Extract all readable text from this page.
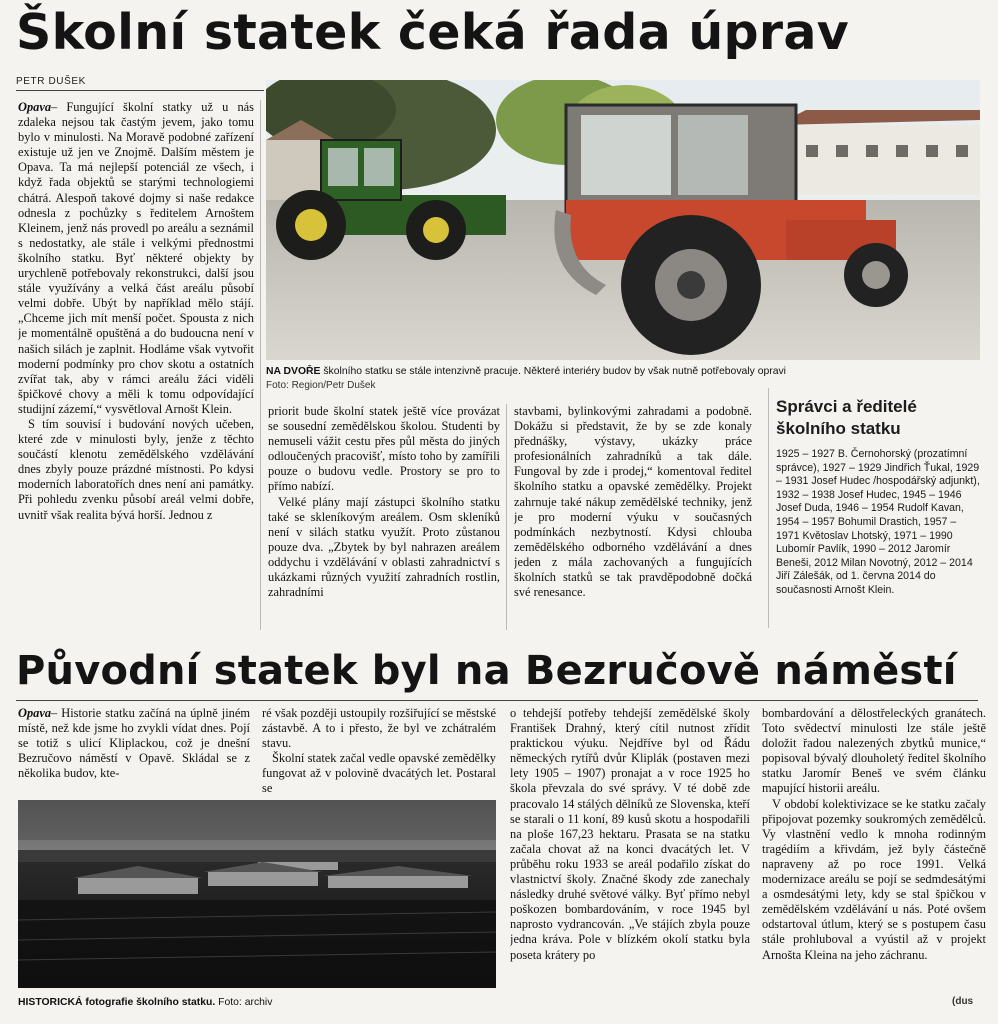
Školní statek čeká řada úprav
PETR DUŠEK
NA DVOŘE školního statku se stále intenzivně pracuje. Některé interiéry budov by však nutně potřebovaly opravi
Foto: Region/Petr Dušek

Opava– Fungující školní statky už u nás zdaleka nejsou tak častým jevem, jako tomu bylo v minulosti. Na Moravě podobné zařízení existuje už jen ve Znojmě. Dalším městem je Opava. Ta má nejlepší potenciál ze všech, i když řada objektů se starými technologiemi chátrá. Alespoň takové dojmy si naše redakce odnesla z pochůzky s ředitelem Arnoštem Kleinem, jenž nás provedl po areálu a seznámil s nedostatky, ale stále i velkými přednostmi školního statku. Byť některé objekty by urychleně potřebovaly rekonstrukci, další jsou stále využívány a velká část areálu působí velmi dobře. Ubýt by například mělo stájí. „Chceme jich mít menší počet. Spousta z nich je momentálně opuštěná a do budoucna není v našich silách je zaplnit. Hodláme však vytvořit moderní podmínky pro chov skotu a ostatních zvířat tak, aby v rámci areálu žáci viděli špičkové chovy a měli k tomu odpovídající studijní zázemí,“ vysvětloval Arnošt Klein.

S tím souvisí i budování nových učeben, které zde v minulosti byly, jenže z těchto součástí klenotu zemědělského vzdělávání dnes zbyly pouze prázdné místnosti. Po kdysi moderních laboratořích dnes není ani památky. Při pohledu zvenku působí areál velmi dobře, uvnitř však realita bývá horší. Jednou z

priorit bude školní statek ještě více provázat se sousední zemědělskou školou. Studenti by nemuseli vážit cestu přes půl města do jiných odloučených pracovišť, místo toho by zamířili pouze o budovu vedle. Prostory se pro to přímo nabízí.

Velké plány mají zástupci školního statku také se skleníkovým areálem. Osm skleníků není v silách statku využít. Proto zůstanou pouze dva. „Zbytek by byl nahrazen areálem oddychu i vzdělávání v oblasti zahradnictví s ukázkami různých využití zahradních rostlin, zahradními

stavbami, bylinkovými zahradami a podobně. Dokážu si představit, že by se zde konaly přednášky, výstavy, ukázky práce profesionálních zahradníků a tak dále. Fungoval by zde i prodej,“ komentoval ředitel školního statku a opavské zemědělky. Projekt zahrnuje také nákup zemědělské techniky, jenž je pro moderní výuku v současných podmínkách nezbytností. Kdysi chlouba zemědělského odborného vzdělávání a dnes jeden z mála zachovaných a fungujících školních statků se tak pravděpodobně dočká své renesance.

Správci a ředitelé školního statku
1925 – 1927 B. Černohorský (prozatímní správce), 1927 – 1929 Jindřich Ťukal, 1929 – 1931 Josef Hudec /hospodářský adjunkt), 1932 – 1938 Josef Hudec, 1945 – 1946 Josef Duda, 1946 – 1954 Rudolf Kavan, 1954 – 1957 Bohumil Drastich, 1957 – 1971 Květoslav Lhotský, 1971 – 1990 Lubomír Pavlík, 1990 – 2012 Jaromír Beneši, 2012 Milan Novotný, 2012 – 2014 Jiří Zálešák, od 1. června 2014 do současnosti Arnošt Klein.
Původní statek byl na Bezručově náměstí

Opava– Historie statku začíná na úplně jiném místě, než kde jsme ho zvykli vídat dnes. Pojí se totiž s ulicí Kliplackou, což je dnešní Bezručovo náměstí v Opavě. Skládal se z několika budov, kte-

ré však později ustoupily rozšiřující se městské zástavbě. A to i přesto, že byl ve zchátralém stavu.

Školní statek začal vedle opavské zemědělky fungovat až v polovině dvacátých let. Postaral se

HISTORICKÁ fotografie školního statku. Foto: archiv

o tehdejší potřeby tehdejší zemědělské školy František Drahný, který cítil nutnost zřídit praktickou výuku. Nejdříve byl od Řádu německých rytířů dvůr Kliplák (postaven mezi lety 1905 – 1907) pronajat a v roce 1925 ho škola převzala do své správy. V té době zde pracovalo 14 stálých dělníků ze Slovenska, kteří se starali o 11 koní, 89 kusů skotu a hospodařili na ploše 167,23 hektaru. Prasata se na statku začala chovat až na konci dvacátých let. V průběhu roku 1933 se areál podařilo získat do vlastnictví školy. Značné škody zde zanechaly následky druhé světové války. Byť přímo nebyl poškozen bombardováním, v roce 1945 byl naprosto vydrancován. „Ve stájích zbyla pouze jedna kráva. Pole v blízkém okolí statku byla poseta krátery po

bombardování a dělostřeleckých granátech. Toto svědectví minulosti lze stále ještě doložit řadou nalezených zbytků munice,“ popisoval bývalý dlouholetý ředitel školního statku Jaromír Beneš ve svém článku mapující historii areálu.

V období kolektivizace se ke statku začaly připojovat pozemky soukromých zemědělců. Vy vlastnění vedlo k mnoha rodinným tragédiím a křivdám, jež byly částečně napraveny až po roce 1991. Velká modernizace areálu se pojí se sedmdesátými a osmdesátými lety, kdy se stal špičkou v zemědělském vzdělávání u nás. Poté ovšem odstartoval útlum, který se s postupem času stále prohluboval a vyústil až v projekt Arnošta Kleina na jeho záchranu.

(dus
